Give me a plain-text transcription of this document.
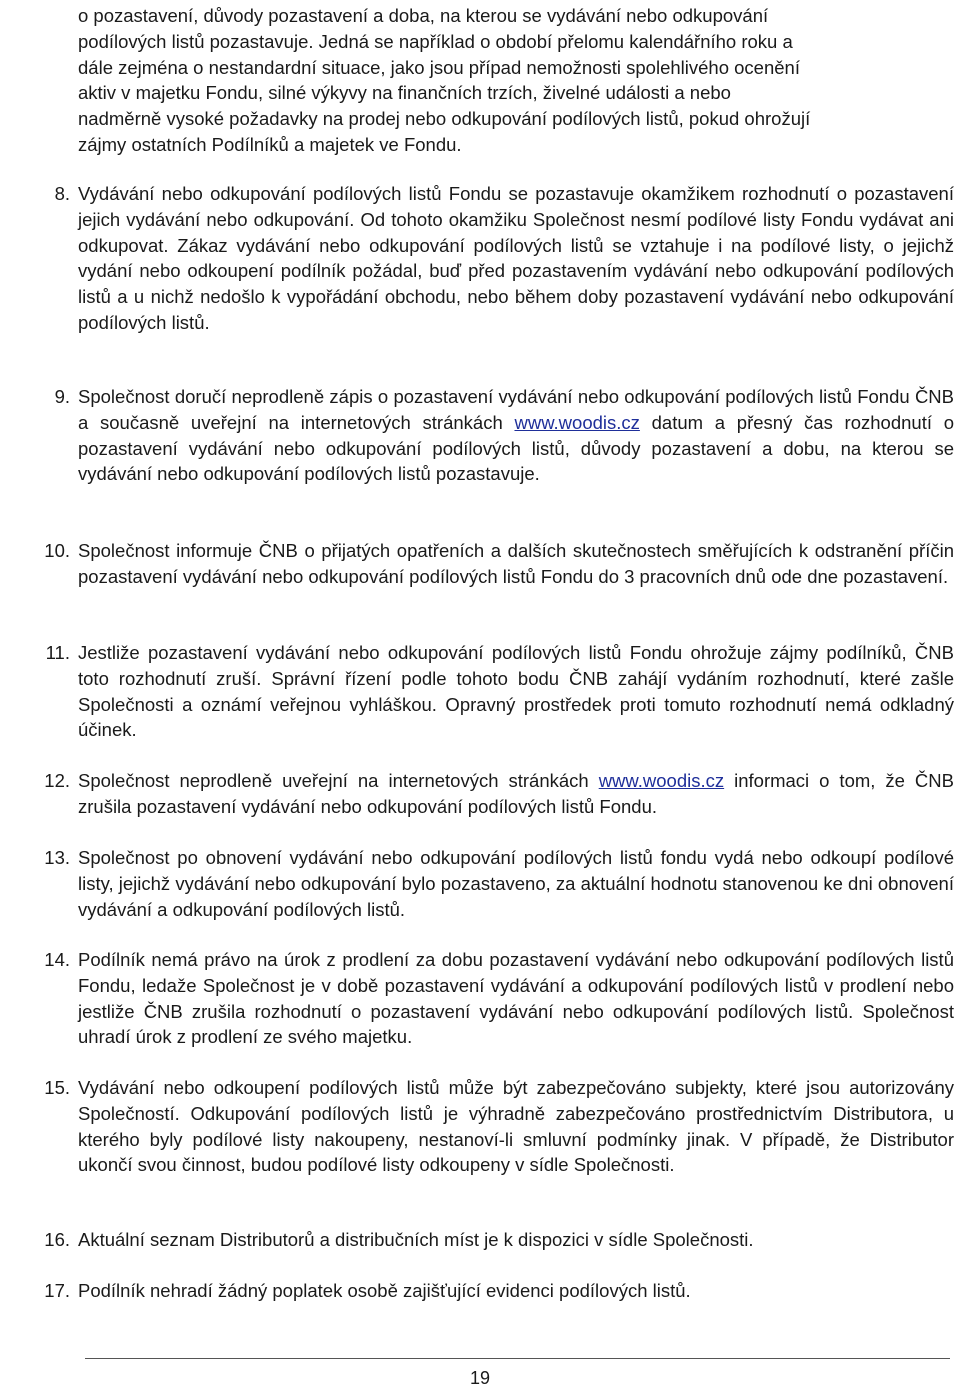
o pozastavení, důvody pozastavení a doba, na kterou se vydávání nebo odkupování

podílových listů pozastavuje. Jedná se například o období přelomu kalendářního roku a

dále zejména o nestandardní situace, jako jsou případ nemožnosti spolehlivého ocenění

aktiv v majetku Fondu, silné výkyvy na finančních trzích, živelné události a nebo

nadměrně vysoké požadavky na prodej nebo odkupování podílových listů, pokud ohrožují

zájmy ostatních Podílníků a majetek ve Fondu.

8. Vydávání nebo odkupování podílových listů Fondu se pozastavuje okamžikem rozhodnutí o pozastavení jejich vydávání nebo odkupování. Od tohoto okamžiku Společnost nesmí podílové listy Fondu vydávat ani odkupovat. Zákaz vydávání nebo odkupování podílových listů se vztahuje i na podílové listy, o jejichž vydání nebo odkoupení podílník požádal, buď před pozastavením vydávání nebo odkupování podílových listů a u nichž nedošlo k vypořádání obchodu, nebo během doby pozastavení vydávání nebo odkupování podílových listů.
9. Společnost doručí neprodleně zápis o pozastavení vydávání nebo odkupování podílových listů Fondu ČNB a současně uveřejní na internetových stránkách www.woodis.cz datum a přesný čas rozhodnutí o pozastavení vydávání nebo odkupování podílových listů, důvody pozastavení a dobu, na kterou se vydávání nebo odkupování podílových listů pozastavuje.
10. Společnost informuje ČNB o přijatých opatřeních a dalších skutečnostech směřujících k odstranění příčin pozastavení vydávání nebo odkupování podílových listů Fondu do 3 pracovních dnů ode dne pozastavení.
11. Jestliže pozastavení vydávání nebo odkupování podílových listů Fondu ohrožuje zájmy podílníků, ČNB toto rozhodnutí zruší. Správní řízení podle tohoto bodu ČNB zahájí vydáním rozhodnutí, které zašle Společnosti a oznámí veřejnou vyhláškou. Opravný prostředek proti tomuto rozhodnutí nemá odkladný účinek.
12. Společnost neprodleně uveřejní na internetových stránkách www.woodis.cz informaci o tom, že ČNB zrušila pozastavení vydávání nebo odkupování podílových listů Fondu.
13. Společnost po obnovení vydávání nebo odkupování podílových listů fondu vydá nebo odkoupí podílové listy, jejichž vydávání nebo odkupování bylo pozastaveno, za aktuální hodnotu stanovenou ke dni obnovení vydávání a odkupování podílových listů.
14. Podílník nemá právo na úrok z prodlení za dobu pozastavení vydávání nebo odkupování podílových listů Fondu, ledaže Společnost je v době pozastavení vydávání a odkupování podílových listů v prodlení nebo jestliže ČNB zrušila rozhodnutí o pozastavení vydávání nebo odkupování podílových listů. Společnost uhradí úrok z prodlení ze svého majetku.
15. Vydávání nebo odkoupení podílových listů může být zabezpečováno subjekty, které jsou autorizovány Společností. Odkupování podílových listů je výhradně zabezpečováno prostřednictvím Distributora, u kterého byly podílové listy nakoupeny, nestanoví-li smluvní podmínky jinak. V případě, že Distributor ukončí svou činnost, budou podílové listy odkoupeny v sídle Společnosti.
16. Aktuální seznam Distributorů a distribučních míst je k dispozici v sídle Společnosti.
17. Podílník nehradí žádný poplatek osobě zajišťující evidenci podílových listů.
19
